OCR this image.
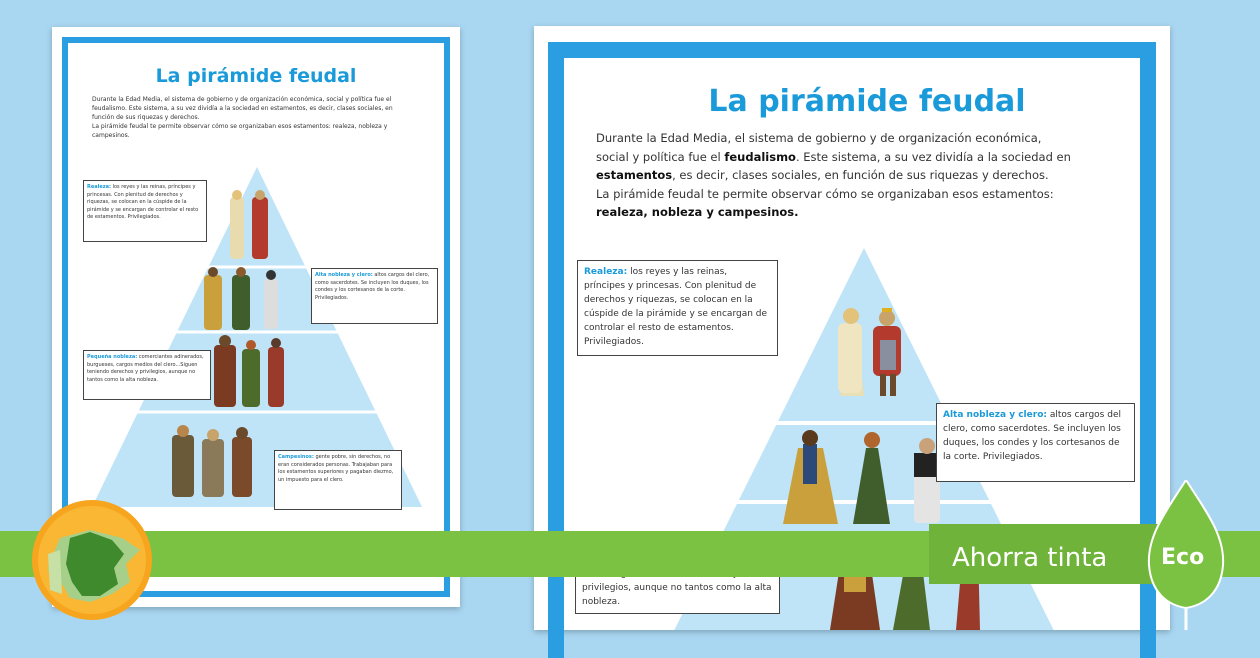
La pirámide feudal
Durante la Edad Media, el sistema de gobierno y de organización económica, social y política fue el feudalismo. Este sistema, a su vez dividía a la sociedad en estamentos, es decir, clases sociales, en función de sus riquezas y derechos.
La pirámide feudal te permite observar cómo se organizaban esos estamentos: realeza, nobleza y campesinos.
Realeza: los reyes y las reinas, príncipes y princesas. Con plenitud de derechos y riquezas, se colocan en la cúspide de la pirámide y se encargan de controlar el resto de estamentos. Privilegiados.
Alta nobleza y clero: altos cargos del clero, como sacerdotes. Se incluyen los duques, los condes y los cortesanos de la corte. Privilegiados.
Pequeña nobleza: comerciantes adinerados, burgueses, cargos medios del clero...Siguen teniendo derechos y privilegios, aunque no tantos como la alta nobleza.
Campesinos: gente pobre, sin derechos, no eran considerados personas. Trabajaban para los estamentos superiores y pagaban diezmo, un impuesto para el clero.
La pirámide feudal
Durante la Edad Media, el sistema de gobierno y de organización económica,
social y política fue el feudalismo. Este sistema, a su vez dividía a la sociedad en
estamentos, es decir, clases sociales, en función de sus riquezas y derechos.
La pirámide feudal te permite observar cómo se organizaban esos estamentos:
realeza, nobleza y campesinos.
Realeza: los reyes y las reinas, príncipes y princesas. Con plenitud de derechos y riquezas, se colocan en la cúspide de la pirámide y se encargan de controlar el resto de estamentos. Privilegiados.
Alta nobleza y clero: altos cargos del clero, como sacerdotes. Se incluyen los duques, los condes y los cortesanos de la corte. Privilegiados.
privilegios, aunque no tantos como la alta nobleza.
Ahorra tinta Eco
